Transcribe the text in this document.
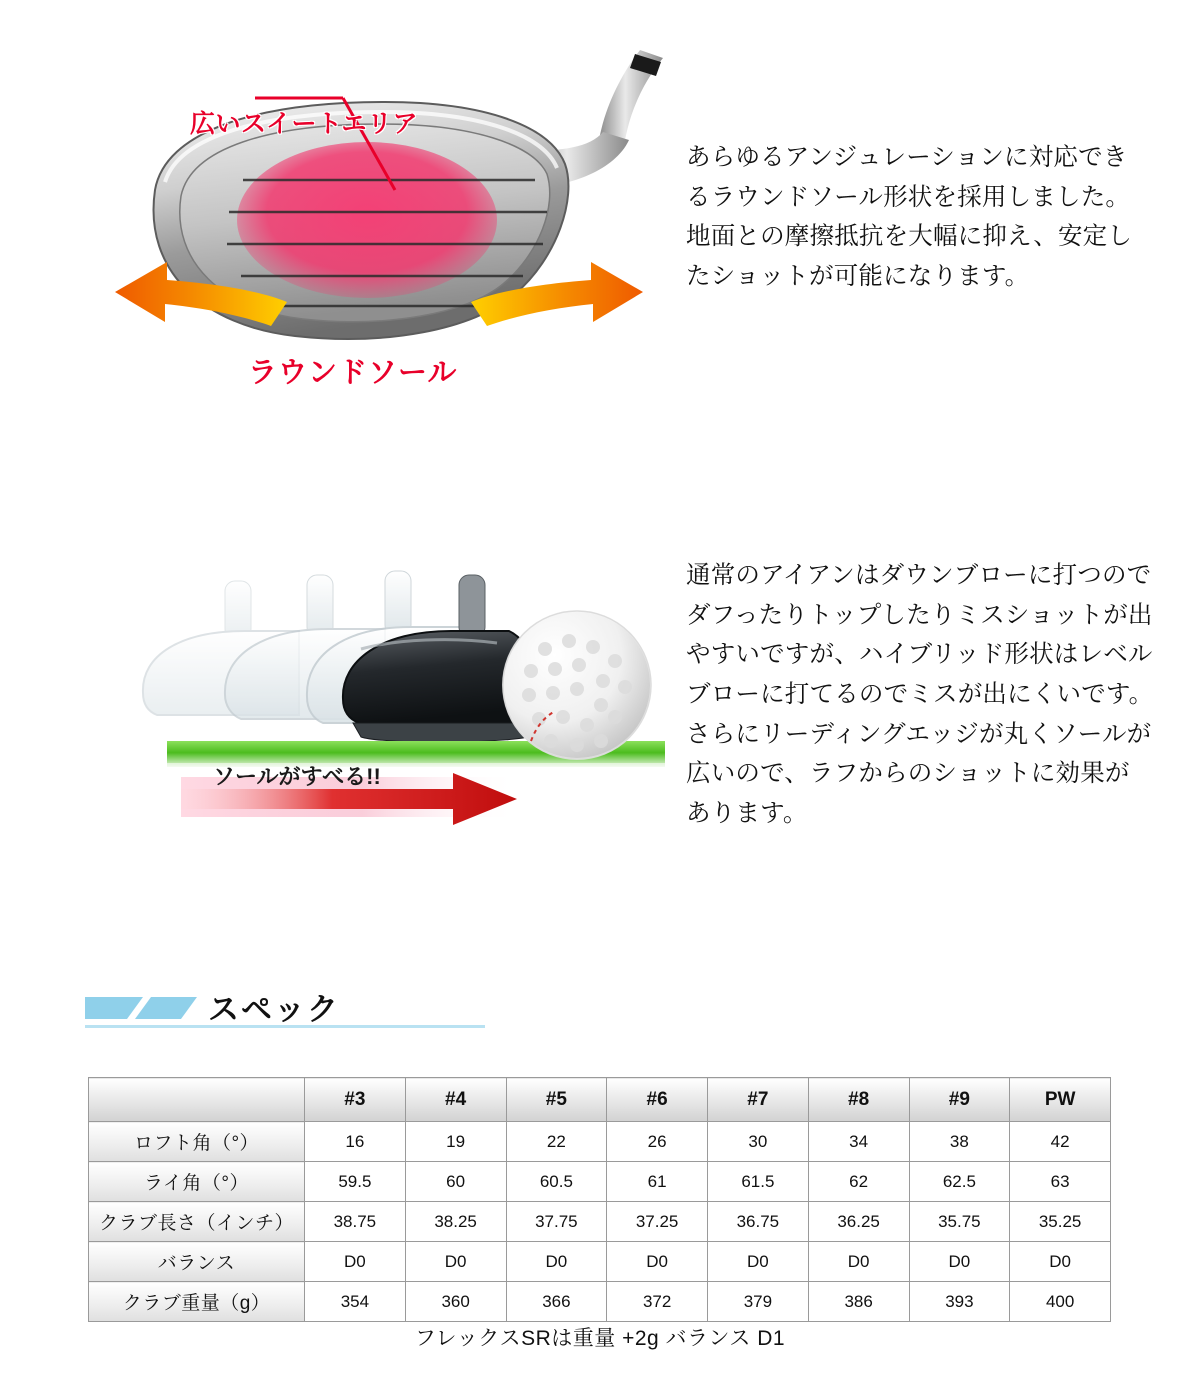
広いスイートエリア
ラウンドソール
あらゆるアンジュレーションに対応できるラウンドソール形状を採用しました。地面との摩擦抵抗を大幅に抑え、安定したショットが可能になります。
ソールがすべる!!
通常のアイアンはダウンブローに打つのでダフったりトップしたりミスショットが出やすいですが、ハイブリッド形状はレベルブローに打てるのでミスが出にくいです。さらにリーディングエッジが丸くソールが広いので、ラフからのショットに効果があります。
スペック
	#3	#4	#5	#6	#7	#8	#9	PW
ロフト角（°）	16	19	22	26	30	34	38	42
ライ角（°）	59.5	60	60.5	61	61.5	62	62.5	63
クラブ長さ（インチ）	38.75	38.25	37.75	37.25	36.75	36.25	35.75	35.25
バランス	D0	D0	D0	D0	D0	D0	D0	D0
クラブ重量（g）	354	360	366	372	379	386	393	400
フレックスSRは重量 +2g バランス D1
